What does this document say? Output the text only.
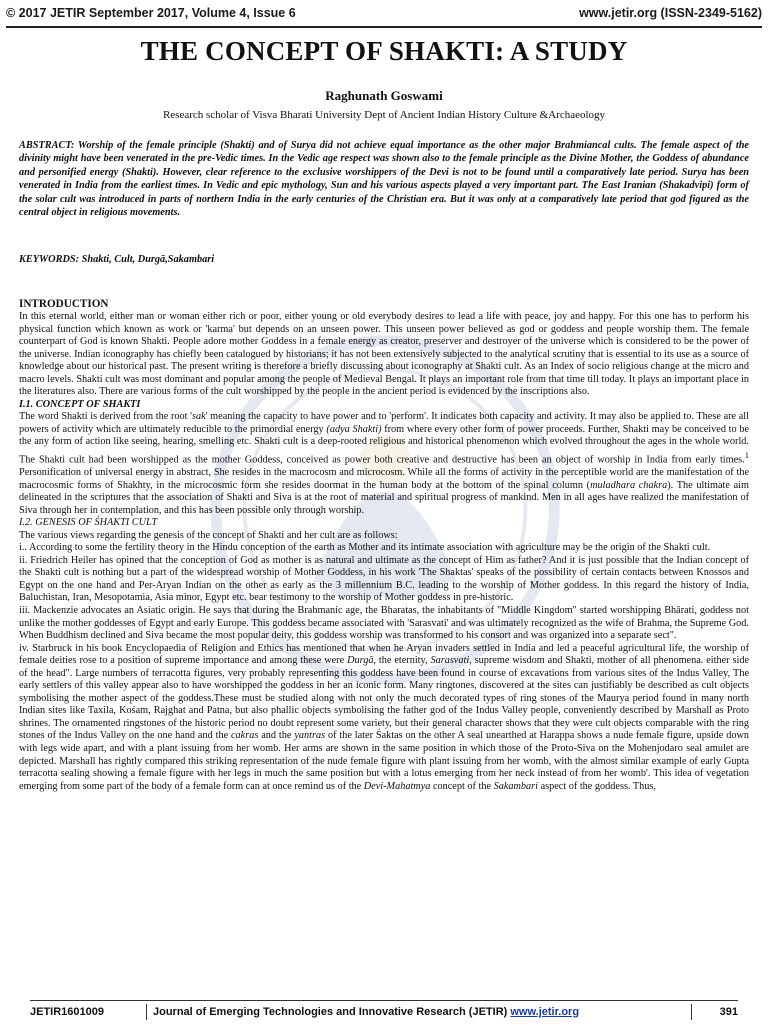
© 2017 JETIR September 2017, Volume 4, Issue 6	www.jetir.org (ISSN-2349-5162)
THE CONCEPT OF SHAKTI: A STUDY
Raghunath Goswami
Research scholar of Visva Bharati University Dept of Ancient Indian History Culture &Archaeology
ABSTRACT: Worship of the female principle (Shakti) and of Surya did not achieve equal importance as the other major Brahmiancal cults. The female aspect of the divinity might have been venerated in the pre-Vedic times. In the Vedic age respect was shown also to the female principle as the Divine Mother, the Goddess of abundance and personified energy (Shakti). However, clear reference to the exclusive worshippers of the Devi is not to be found until a comparatively late period. Surya has been venerated in India from the earliest times. In Vedic and epic mythology, Sun and his various aspects played a very important part. The East Iranian (Shakadvipi) form of the solar cult was introduced in parts of northern India in the early centuries of the Christian era. But it was only at a comparatively late period that god figured as the central object in religious movements.
KEYWORDS: Shakti, Cult, Durgā,Sakambari

INTRODUCTION

In this eternal world, either man or woman either rich or poor, either young or old everybody desires to lead a life with peace, joy and happy. For this one has to perform his physical function which known as work or 'karma' but depends on an unseen power. This unseen power believed as god or goddess and people worship them. The female counterpart of God is known Shakti. People adore mother Goddess in a female energy as creator, preserver and destroyer of the universe which is considered to be the power of the universe. Indian iconography has chiefly been catalogued by historians; it has not been extensively subjected to the analytical scrutiny that is essential to its use as a source of knowledge about our historical past. The present writing is therefore a briefly discussing about iconography at Shakti cult. As an Index of socio religious change at the micro and macro levels. Shakti cult was most dominant and popular among the people of Medieval Bengal. It plays an important role from that time till today. It plays an important place in the literatures also. There are various forms of the cult worshipped by the people in the ancient period is evidenced by the inscriptions also.

I.1. CONCEPT OF SHAKTI

The word Shakti is derived from the root 'sak' meaning the capacity to have power and to 'perform'. It indicates both capacity and activity. It may also be applied to. These are all powers of activity which are ultimately reducible to the primordial energy (adya Shakti) from where every other form of power proceeds. Further, Shakti may be conceived to be the any form of action like seeing, hearing, smelling etc. Shakti cult is a deep-rooted religious and historical phenomenon which evolved throughout the ages in the whole world. The Shakti cult had been worshipped as the mother Goddess, conceived as power both creative and destructive has been an object of worship in India from early times.$^1$ Personification of universal energy in abstract, She resides in the macrocosm and microcosm. While all the forms of activity in the perceptible world are the manifestation of the macrocosmic forms of Shakhty, in the microcosmic form she resides doormat in the human body at the bottom of the spinal column (muladhara chakra). The ultimate aim delineated in the scriptures that the association of Shakti and Siva is at the root of material and spiritual progress of mankind. Men in all ages have realized the manifestation of Siva through her in contemplation, and this has been possible only through worship.

I.2. GENESIS OF ŚHAKTI CULT

The various views regarding the genesis of the concept of Shakti and her cult are as follows:

i.. According to some the fertility theory in the Hindu conception of the earth as Mother and its intimate association with agriculture may be the origin of the Shakti cult.

ii. Friedrich Heiler has opined that the conception of God as mother is as natural and ultimate as the concept of Him as father? And it is just possible that the Indian concept of the Shakti cult is nothing but a part of the widespread worship of Mother Goddess, in his work 'The Shaktas' speaks of the possibility of certain contacts between Knossos and Egypt on the one hand and Per-Aryan Indian on the other as early as the 3 millennium B.C. leading to the worship of Mother goddess. In this regard the history of India, Baluchistan, Iran, Mesopotamia, Asia minor, Egypt etc. bear testimony to the worship of Mother goddess in pre-historic.

iii. Mackenzie advocates an Asiatic origin. He says that during the Brahmanic age, the Bharatas, the inhabitants of "Middle Kingdom" started worshipping Bhārati, goddess not unlike the mother goddesses of Egypt and early Europe. This goddess became associated with 'Sarasvati' and was ultimately recognized as the wife of Brahma, the Supreme God. When Buddhism declined and Siva became the most popular deity, this goddess worship was transformed to his consort and was organized into a separate sect".

iv. Starbruck in his book Encyclopaedia of Religion and Ethics has mentioned that when he Aryan invaders settled in India and led a peaceful agricultural life, the worship of female deities rose to a position of supreme importance and among these were Durgā, the eternity, Sarasvati, supreme wisdom and Shakti, mother of all phenomena. either side of the head". Large numbers of terracotta figures, very probably representing this goddess have been found in course of excavations from various sites of the Indus Valley, The early settlers of this valley appear also to have worshipped the goddess in her an iconic form. Many ringtones, discovered at the sites can justifiably be described as cult objects symbolising the mother aspect of the goddess.These must be studied along with not only the much decorated types of ring stones of the Maurya period found in many north Indian sites like Taxila, Kośam, Rajghat and Patna, but also phallic objects symbolising the father god of the Indus Valley people, conveniently described by Marshall as Proto shrines. The ornamented ringstones of the historic period no doubt represent some variety, but their general character shows that they were cult objects comparable with the ring stones of the Indus Valley on the one hand and the cakras and the yantras of the later Śaktas on the other A seal unearthed at Harappa shows a nude female figure, upside down with legs wide apart, and with a plant issuing from her womb. Her arms are shown in the same position in which those of the Proto-Siva on the Mohenjodaro seal amulet are depicted. Marshall has rightly compared this striking representation of the nude female figure with plant issuing from her womb, with the almost similar example of early Gupta terracotta sealing showing a female figure with her legs in much the same position but with a lotus emerging from her neck instead of from her womb'. This idea of vegetation emerging from some part of the body of a female form can at once remind us of the Devi-Mahatmya concept of the Sakambari aspect of the goddess. Thus,

JETIR1601009	Journal of Emerging Technologies and Innovative Research (JETIR) www.jetir.org	391
